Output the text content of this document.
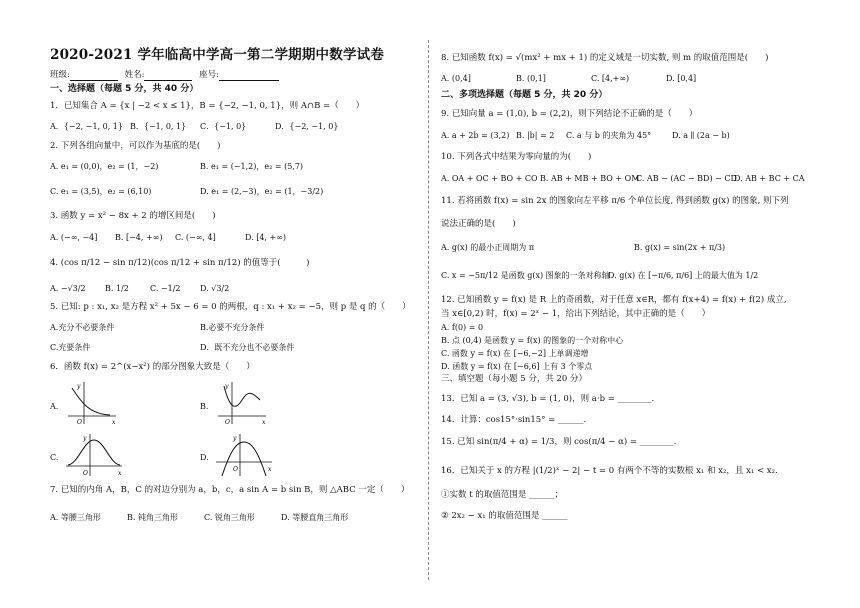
2020-2021 学年临高中学高一第二学期期中数学试卷
班级:	姓名:	座号:
一、选择题（每题 5 分，共 40 分）
1．已知集合 A = {x | −2 < x ≤ 1}，B = {−2, −1, 0, 1}，则 A∩B =（　　）
A．{−2, −1, 0, 1} B．{−1, 0, 1} C．{−1, 0}	D．{−2, −1, 0}
2. 下列各组向量中，可以作为基底的是(　　)
A. e₁ = (0,0)，e₂ = (1，−2)	B. e₁ = (−1,2)，e₂ = (5,7)
C. e₁ = (3,5)，e₂ = (6,10)	D. e₁ = (2,−3)，e₂ = (1，−3/2)
3. 函数 y = x² − 8x + 2 的增区间是(　　)
A. (−∞, −4] B. [−4, +∞) C. (−∞, 4]	D. [4, +∞)
4. (cos π/12 − sin π/12)(cos π/12 + sin π/12) 的值等于(　　　)
A. −√3/2 B. 1/2	C. −1/2 D. √3/2
5. 已知: p : x₁, x₂ 是方程 x² + 5x − 6 = 0 的两根，q : x₁ + x₂ = −5，则 p 是 q 的（　　）
A.充分不必要条件	B.必要不充分条件
C.充要条件	D．既不充分也不必要条件
6．函数 f(x) = 2^(x−x²) 的部分图象大致是（　　）
A.
y
x
O
B.
y
x
O
C.
y
x
O
D.
y
x
O
7. 已知的内角 A，B，C 的对边分别为 a，b，c，a sin A = b sin B，则 △ABC 一定（　　）
A. 等腰三角形	B. 钝角三角形	C. 锐角三角形	D. 等腰直角三角形
8. 已知函数 f(x) = √(mx² + mx + 1) 的定义域是一切实数, 则 m 的取值范围是(　　)
A. (0,4]	B. (0,1]	C. [4,+∞)	D. [0,4]
二、多项选择题（每题 5 分，共 20 分）
9. 已知向量 a = (1,0), b = (2,2)，则下列结论不正确的是（　　）
A. a + 2b = (3,2) B. |b| = 2 C. a 与 b 的夹角为 45°	D. a ∥ (2a − b)
10. 下列各式中结果为零向量的为(　　)
A. OA + OC + BO + CO B. AB + MB + BO + OM
C. AB − (AC − BD) − CD
D. AB + BC + CA
11. 若将函数 f(x) = sin 2x 的图象向左平移 π/6 个单位长度, 得到函数 g(x) 的图象, 则下列
说法正确的是(　　)
A. g(x) 的最小正周期为 π	B. g(x) = sin(2x + π/3)
C. x = −5π/12 是函数 g(x) 图象的一条对称轴
D. g(x) 在 [−π/6, π/6] 上的最大值为 1/2
12. 已知函数 y = f(x) 是 R 上的奇函数，对于任意 x∈R，都有 f(x+4) = f(x) + f(2) 成立,
当 x∈[0,2) 时，f(x) = 2ˣ − 1，给出下列结论，其中正确的是（　　）
A. f(0) = 0
B. 点 (0,4) 是函数 y = f(x) 的图象的一个对称中心
C. 函数 y = f(x) 在 [−6,−2] 上单调递增
D. 函数 y = f(x) 在 [−6,6] 上有 3 个零点
三、填空题（每小题 5 分，共 20 分）
13．已知 a = (3, √3), b = (1, 0)，则 a·b = ________.
14．计算：cos15°·sin15° = ______.
15. 已知 sin(π/4 + α) = 1/3，则 cos(π/4 − α) = ________.
16．已知关于 x 的方程 |(1/2)ˣ − 2| − t = 0 有两个不等的实数根 x₁ 和 x₂，且 x₁ < x₂.
①实数 t 的取值范围是 ______；
② 2x₂ − x₁ 的取值范围是 ______
